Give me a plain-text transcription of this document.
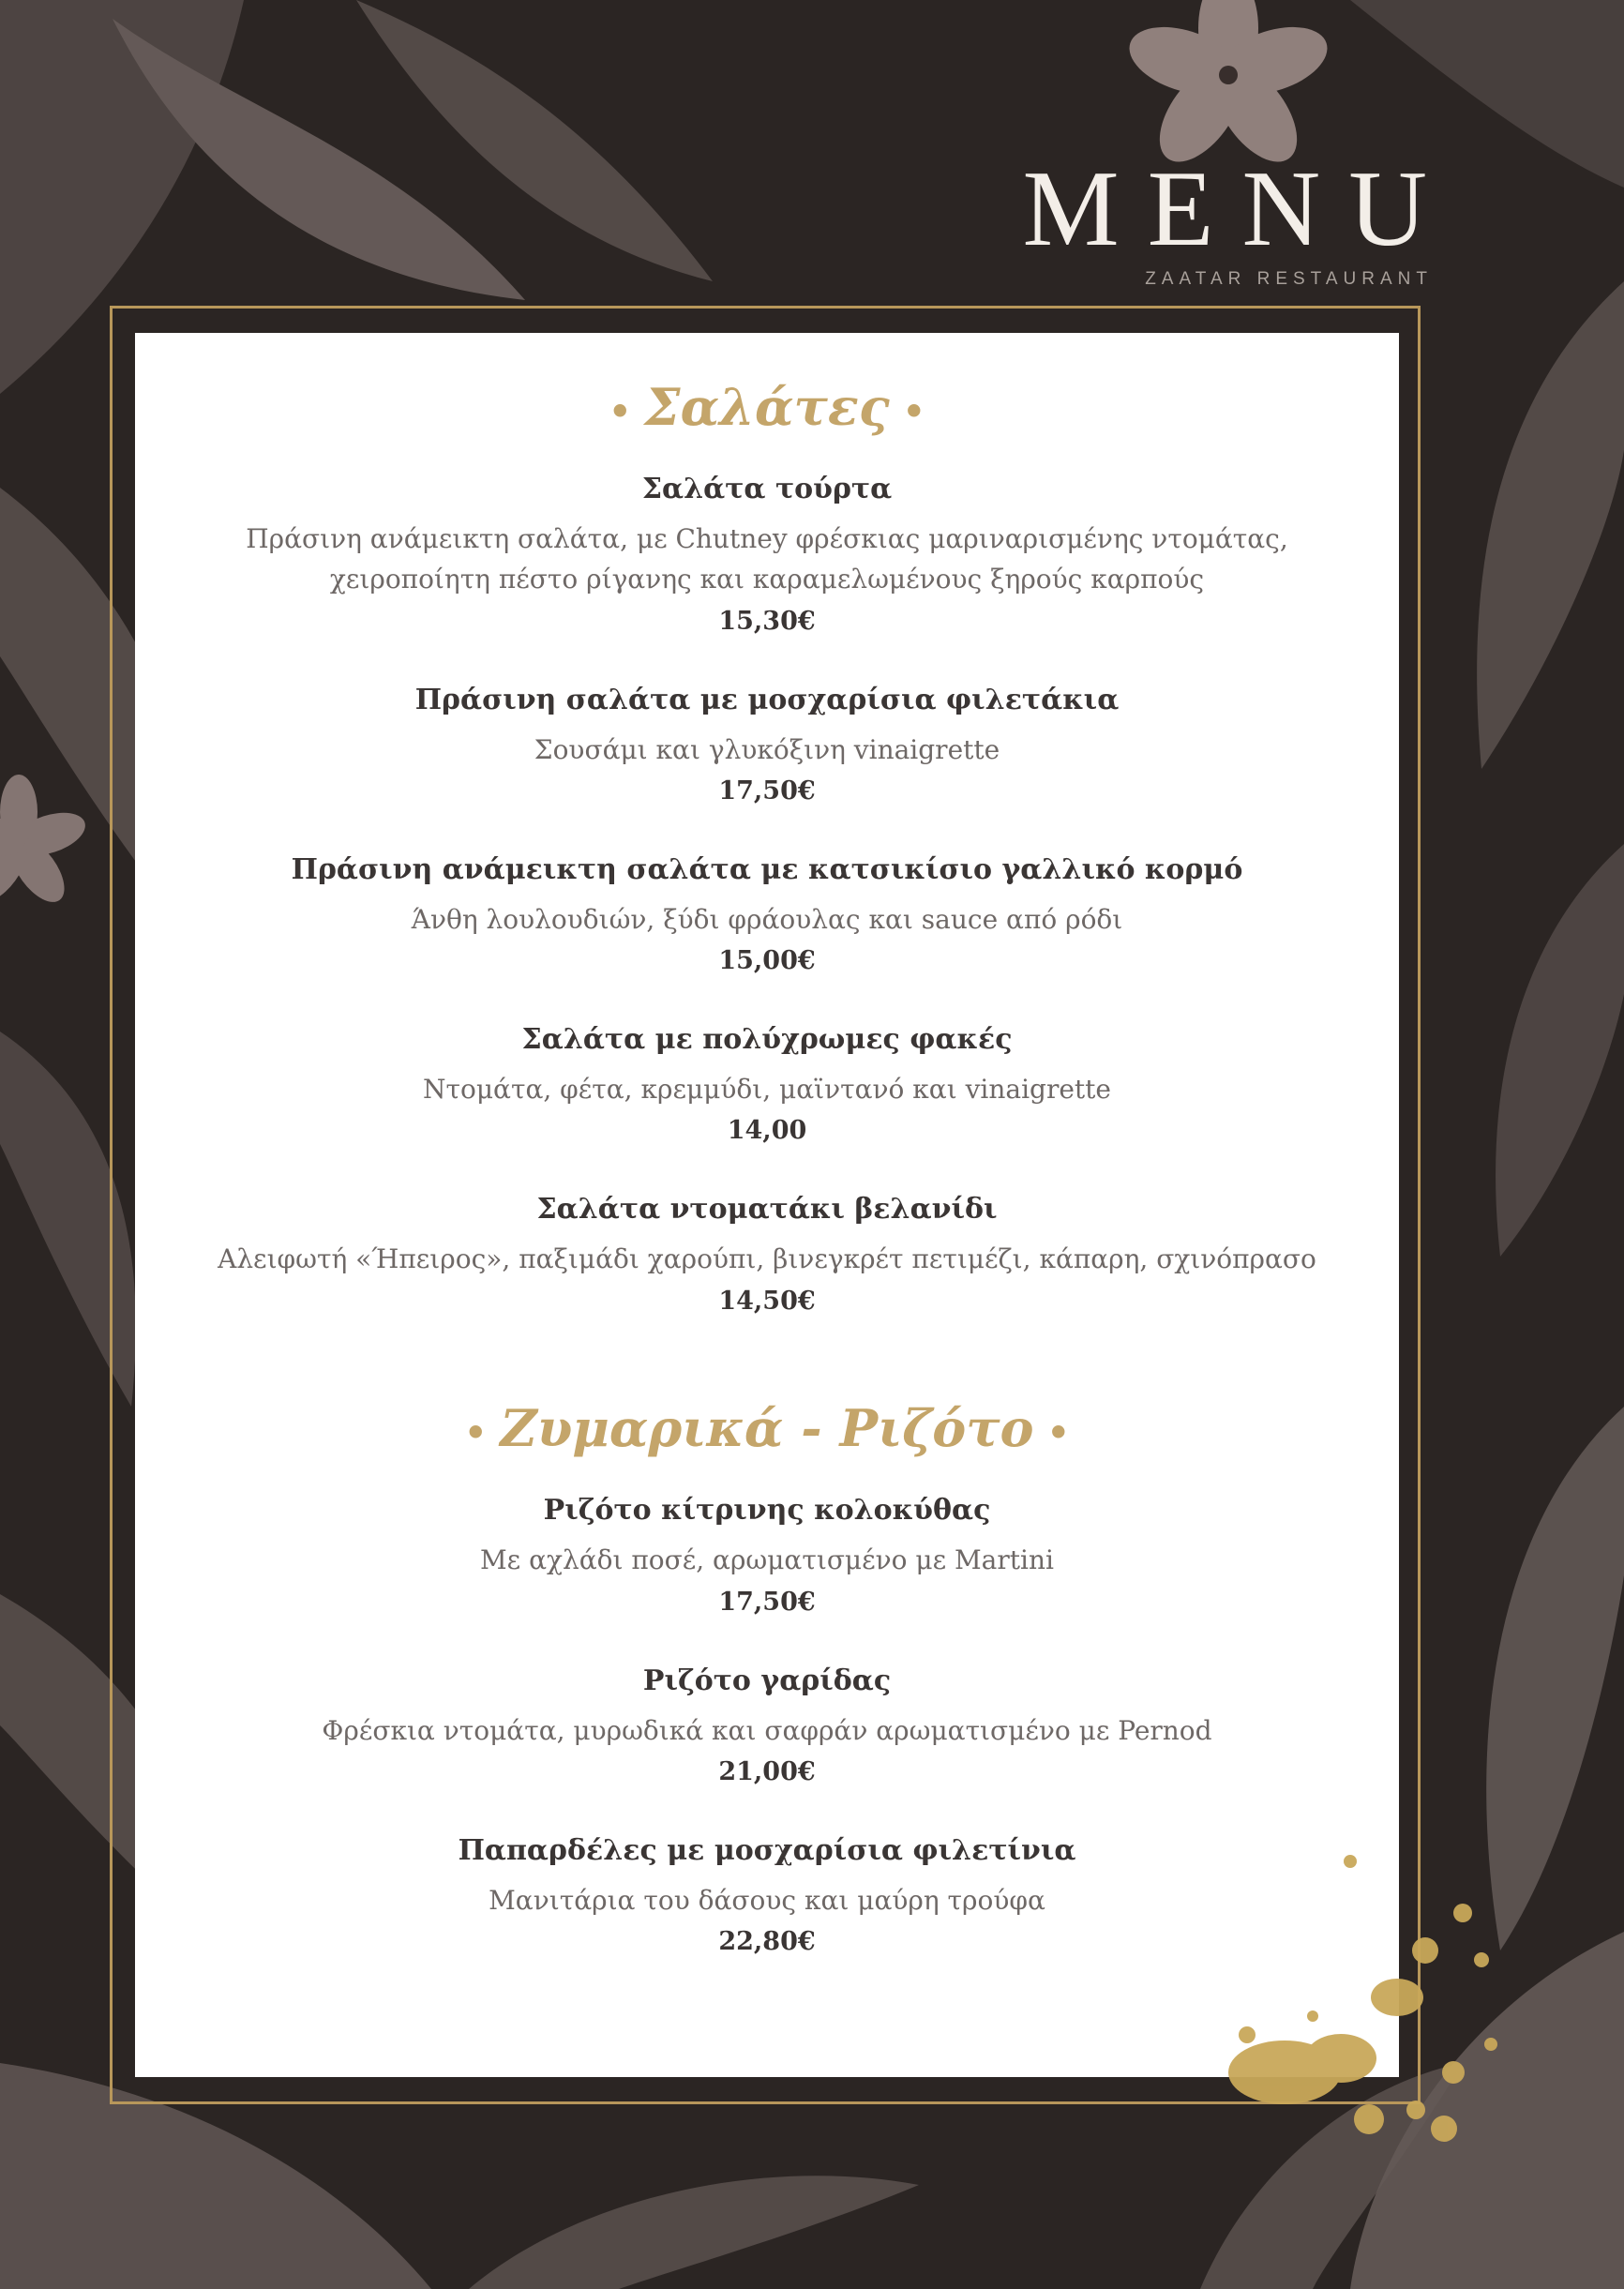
MENU
ZAATAR RESTAURANT
• Σαλάτες •
Σαλάτα τούρτα
Πράσινη ανάμεικτη σαλάτα, με Chutney φρέσκιας μαριναρισμένης ντομάτας,
χειροποίητη πέστο ρίγανης και καραμελωμένους ξηρούς καρπούς
15,30€
Πράσινη σαλάτα με μοσχαρίσια φιλετάκια
Σουσάμι και γλυκόξινη vinaigrette
17,50€
Πράσινη ανάμεικτη σαλάτα με κατσικίσιο γαλλικό κορμό
Άνθη λουλουδιών, ξύδι φράουλας και sauce από ρόδι
15,00€
Σαλάτα με πολύχρωμες φακές
Ντομάτα, φέτα, κρεμμύδι, μαϊντανό και vinaigrette
14,00
Σαλάτα ντοματάκι βελανίδι
Αλειφωτή «Ήπειρος», παξιμάδι χαρούπι, βινεγκρέτ πετιμέζι, κάπαρη, σχινόπρασο
14,50€
• Ζυμαρικά - Ριζότο •
Ριζότο κίτρινης κολοκύθας
Με αχλάδι ποσέ, αρωματισμένο με Martini
17,50€
Ριζότο γαρίδας
Φρέσκια ντομάτα, μυρωδικά και σαφράν αρωματισμένο με Pernod
21,00€
Παπαρδέλες με μοσχαρίσια φιλετίνια
Μανιτάρια του δάσους και μαύρη τρούφα
22,80€
